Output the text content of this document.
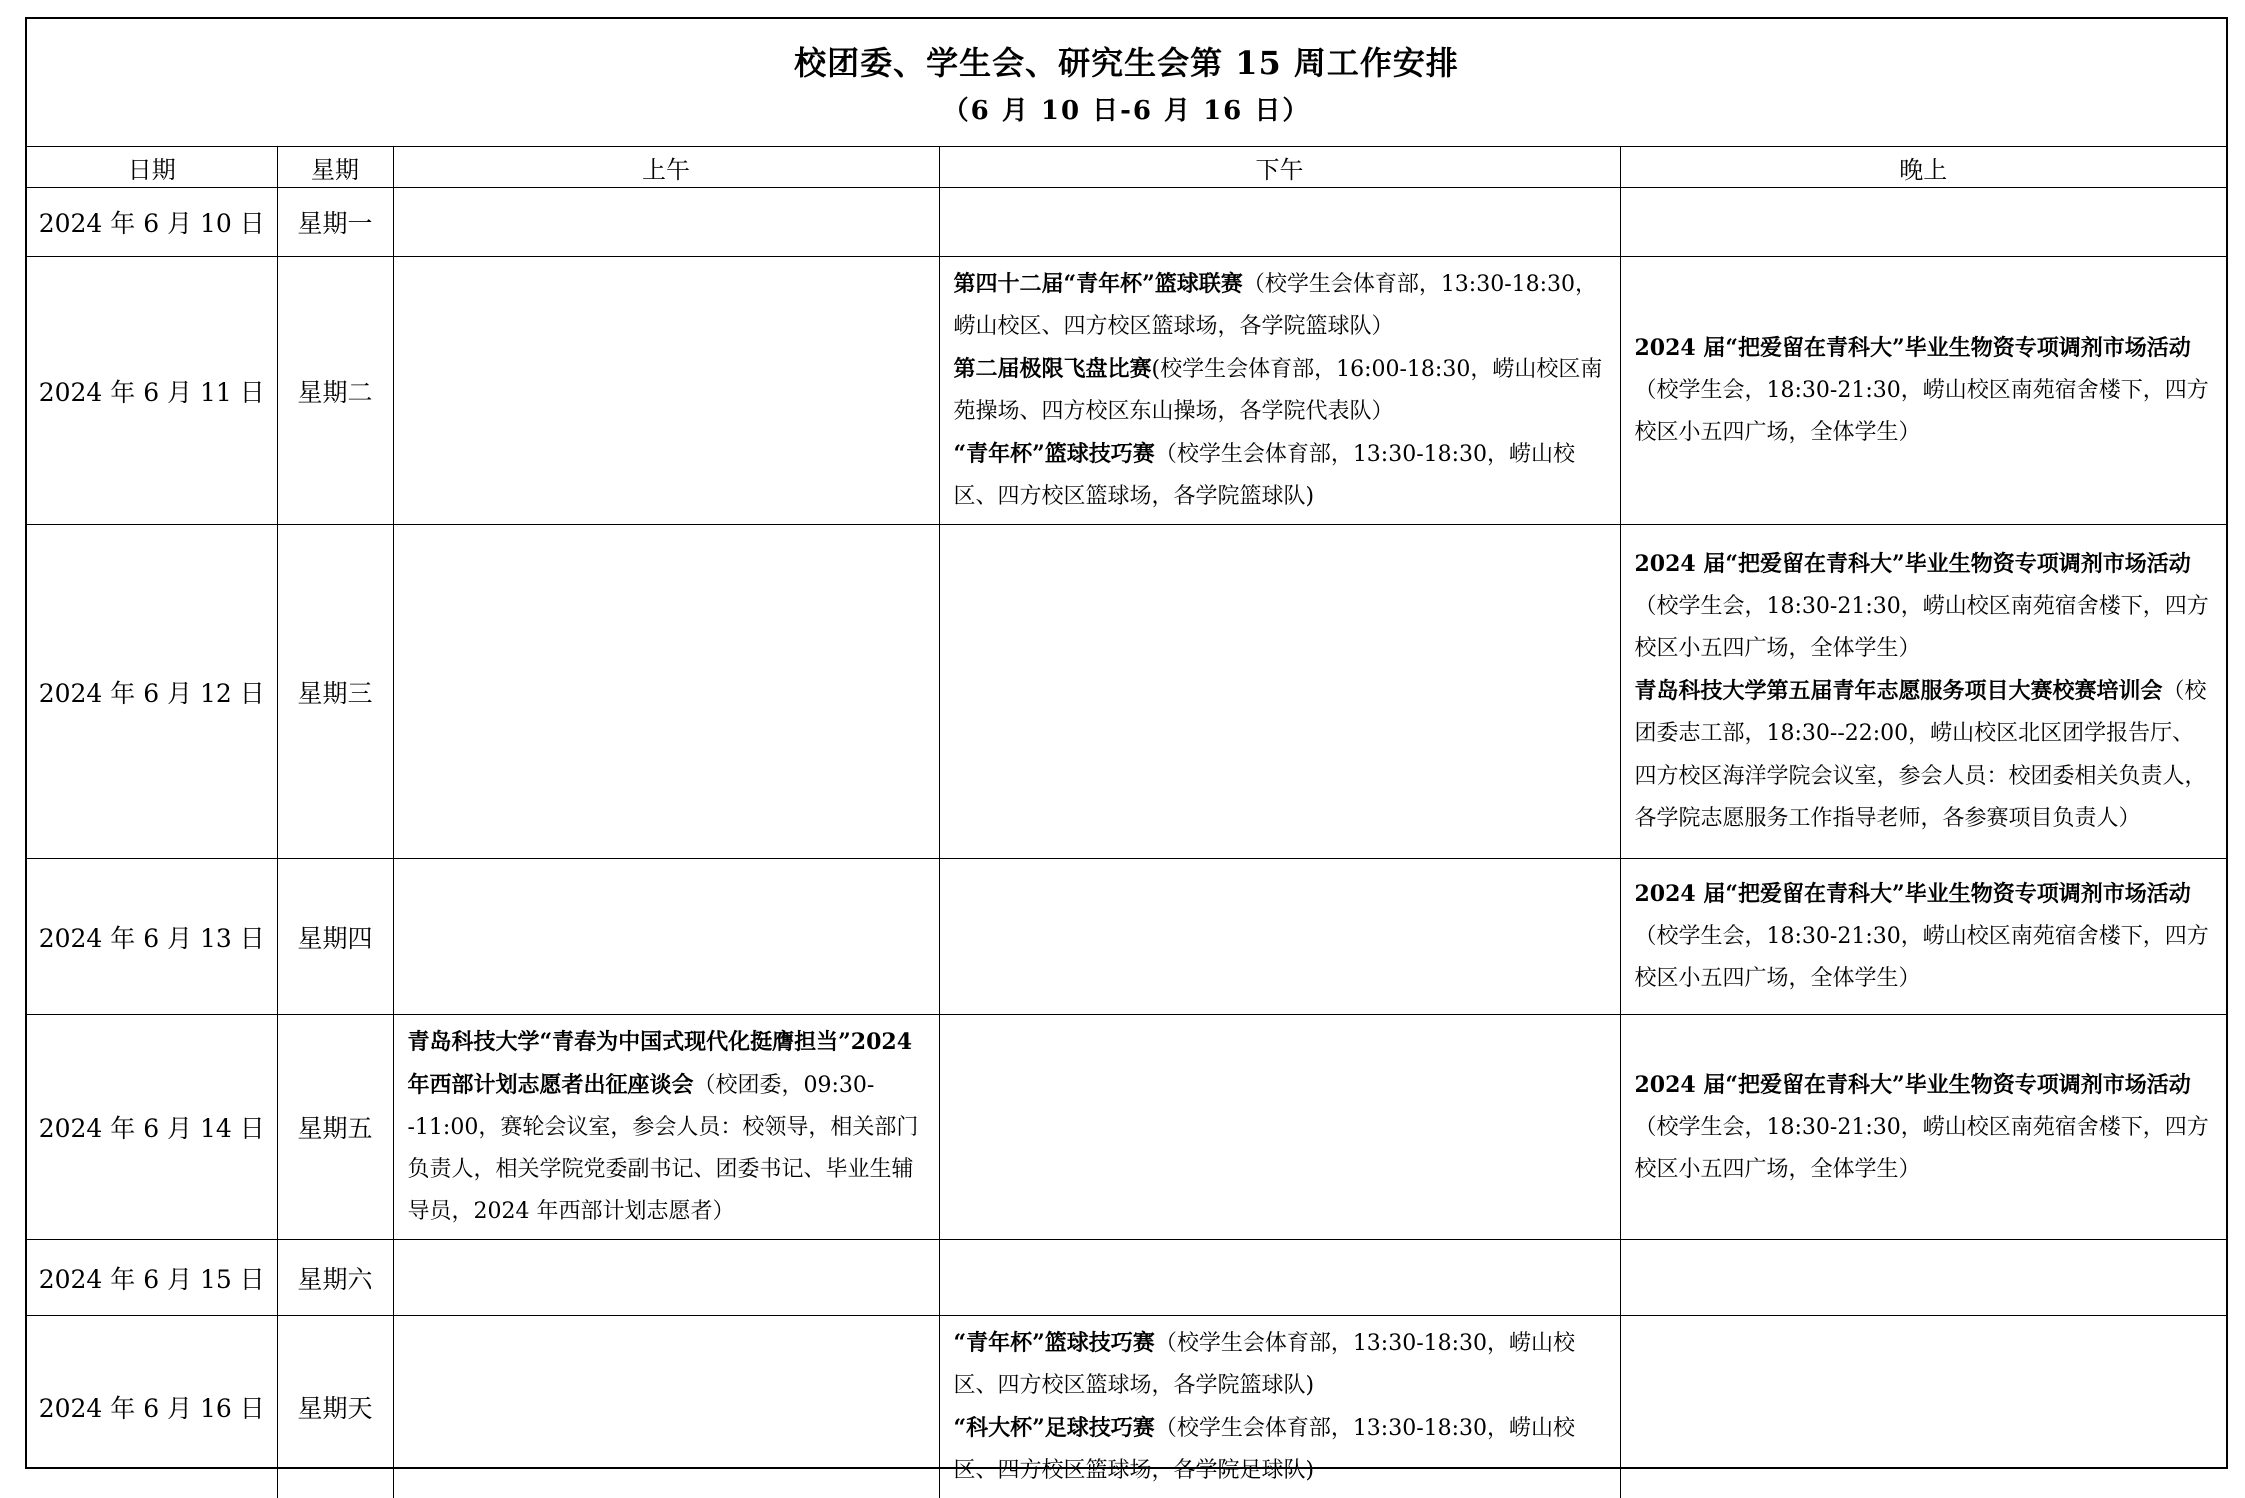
校团委、学生会、研究生会第 15 周工作安排
（6 月 10 日-6 月 16 日）
日期	星期	上午	下午	晚上
2024 年 6 月 10 日	星期一			
2024 年 6 月 11 日	星期二		第四十二届“青年杯”篮球联赛（校学生会体育部，13:30-18:30，崂山校区、四方校区篮球场，各学院篮球队）
第二届极限飞盘比赛(校学生会体育部，16:00-18:30，崂山校区南苑操场、四方校区东山操场，各学院代表队）
“青年杯”篮球技巧赛（校学生会体育部，13:30-18:30，崂山校区、四方校区篮球场，各学院篮球队)	2024 届“把爱留在青科大”毕业生物资专项调剂市场活动（校学生会，18:30-21:30，崂山校区南苑宿舍楼下，四方校区小五四广场，全体学生）

2024 年 6 月 12 日	星期三			2024 届“把爱留在青科大”毕业生物资专项调剂市场活动（校学生会，18:30-21:30，崂山校区南苑宿舍楼下，四方校区小五四广场，全体学生）
青岛科技大学第五届青年志愿服务项目大赛校赛培训会（校团委志工部，18:30--22:00，崂山校区北区团学报告厅、
四方校区海洋学院会议室，参会人员：校团委相关负责人，各学院志愿服务工作指导老师，各参赛项目负责人）

2024 年 6 月 13 日	星期四			2024 届“把爱留在青科大”毕业生物资专项调剂市场活动（校学生会，18:30-21:30，崂山校区南苑宿舍楼下，四方校区小五四广场，全体学生）

2024 年 6 月 14 日	星期五	青岛科技大学“青春为中国式现代化挺膺担当”2024 年西部计划志愿者出征座谈会（校团委，09:30--11:00，赛轮会议室，参会人员：校领导，相关部门负责人，相关学院党委副书记、团委书记、毕业生辅导员，2024 年西部计划志愿者）		2024 届“把爱留在青科大”毕业生物资专项调剂市场活动（校学生会，18:30-21:30，崂山校区南苑宿舍楼下，四方校区小五四广场，全体学生）

2024 年 6 月 15 日	星期六			
2024 年 6 月 16 日	星期天		“青年杯”篮球技巧赛（校学生会体育部，13:30-18:30，崂山校区、四方校区篮球场，各学院篮球队)
“科大杯”足球技巧赛（校学生会体育部，13:30-18:30，崂山校区、四方校区篮球场，各学院足球队)	
